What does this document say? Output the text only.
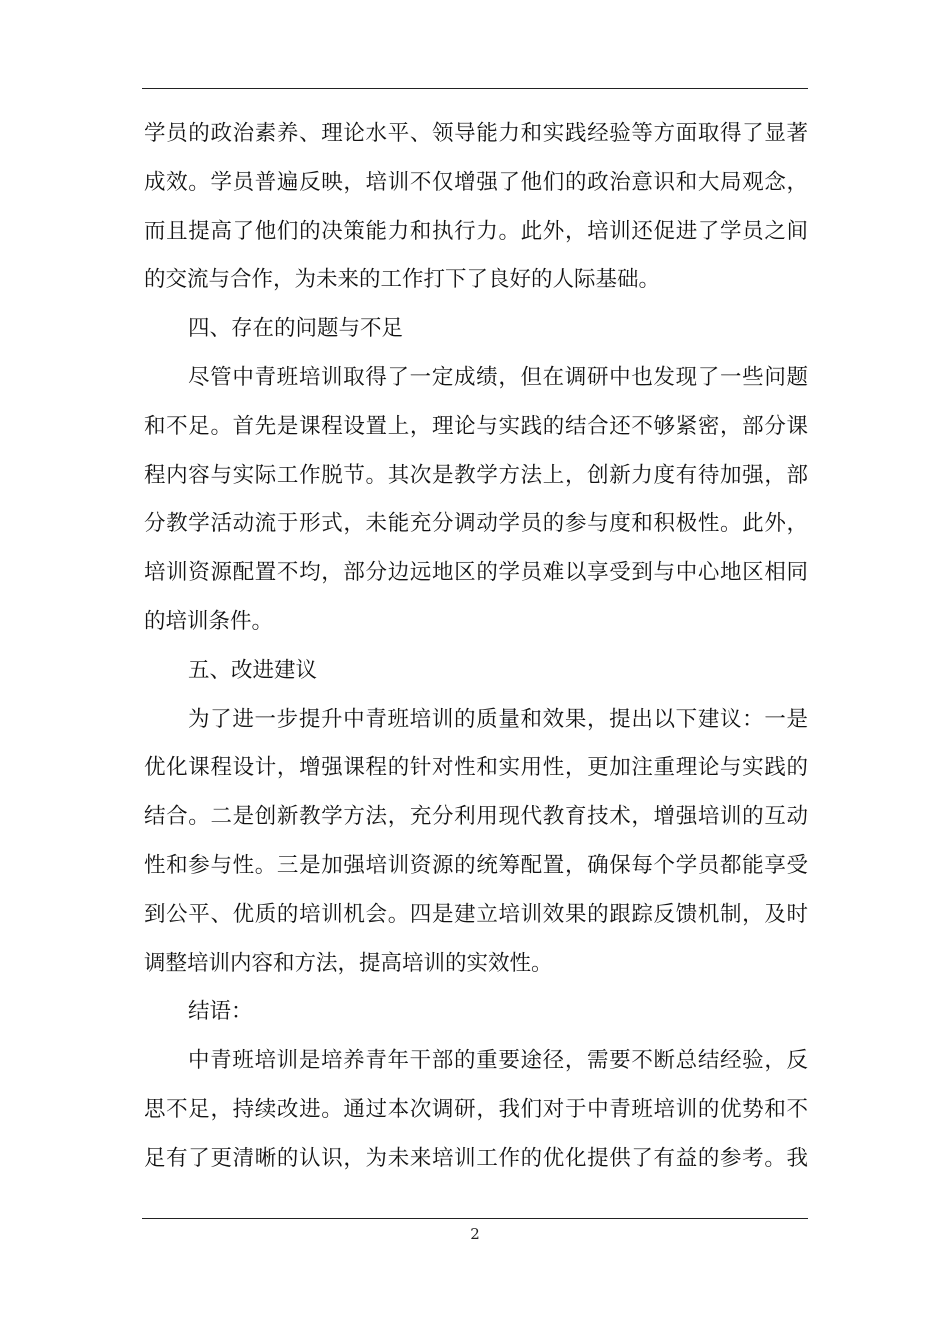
学员的政治素养、理论水平、领导能力和实践经验等方面取得了显著
成效。学员普遍反映，培训不仅增强了他们的政治意识和大局观念，
而且提高了他们的决策能力和执行力。此外，培训还促进了学员之间
的交流与合作，为未来的工作打下了良好的人际基础。
四、存在的问题与不足
尽管中青班培训取得了一定成绩，但在调研中也发现了一些问题
和不足。首先是课程设置上，理论与实践的结合还不够紧密，部分课
程内容与实际工作脱节。其次是教学方法上，创新力度有待加强，部
分教学活动流于形式，未能充分调动学员的参与度和积极性。此外，
培训资源配置不均，部分边远地区的学员难以享受到与中心地区相同
的培训条件。
五、改进建议
为了进一步提升中青班培训的质量和效果，提出以下建议：一是
优化课程设计，增强课程的针对性和实用性，更加注重理论与实践的
结合。二是创新教学方法，充分利用现代教育技术，增强培训的互动
性和参与性。三是加强培训资源的统筹配置，确保每个学员都能享受
到公平、优质的培训机会。四是建立培训效果的跟踪反馈机制，及时
调整培训内容和方法，提高培训的实效性。
结语：
中青班培训是培养青年干部的重要途径，需要不断总结经验，反
思不足，持续改进。通过本次调研，我们对于中青班培训的优势和不
足有了更清晰的认识，为未来培训工作的优化提供了有益的参考。我
2
